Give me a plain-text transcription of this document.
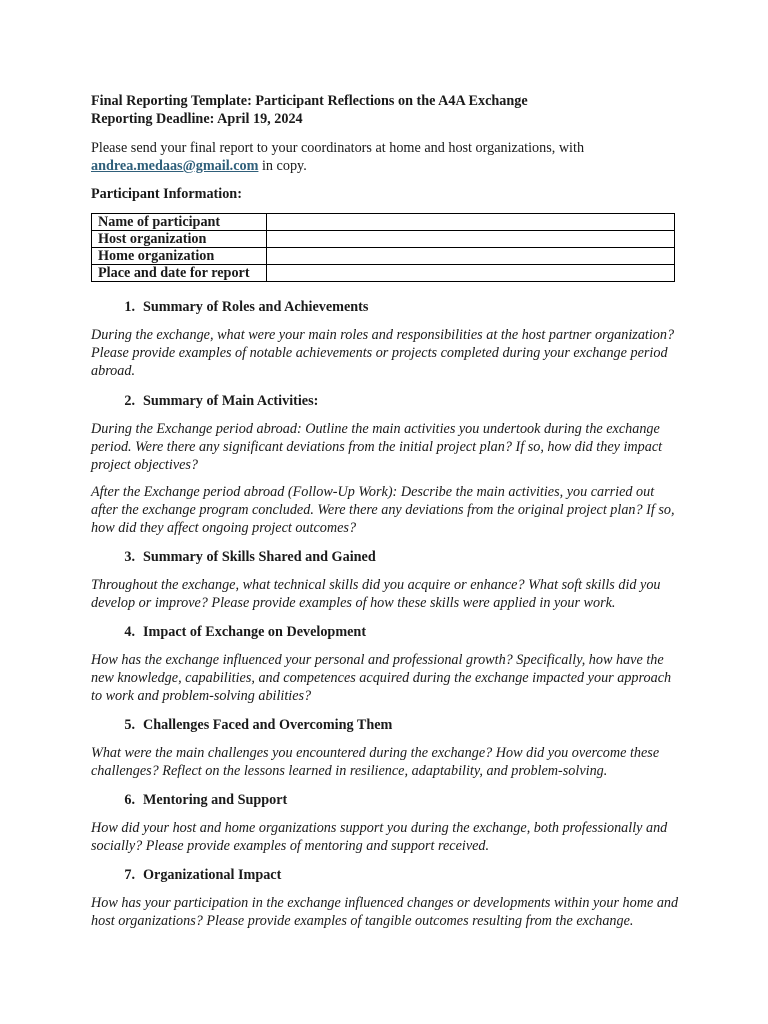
Final Reporting Template: Participant Reflections on the A4A Exchange

Reporting Deadline: April 19, 2024

Please send your final report to your coordinators at home and host organizations, with andrea.medaas@gmail.com in copy.

Participant Information:

Name of participant	
Host organization	
Home organization	
Place and date for report	
1. Summary of Roles and Achievements

During the exchange, what were your main roles and responsibilities at the host partner organization? Please provide examples of notable achievements or projects completed during your exchange period abroad.

2. Summary of Main Activities:

During the Exchange period abroad: Outline the main activities you undertook during the exchange period. Were there any significant deviations from the initial project plan? If so, how did they impact project objectives?

After the Exchange period abroad (Follow-Up Work): Describe the main activities, you carried out after the exchange program concluded. Were there any deviations from the original project plan? If so, how did they affect ongoing project outcomes?

3. Summary of Skills Shared and Gained

Throughout the exchange, what technical skills did you acquire or enhance? What soft skills did you develop or improve? Please provide examples of how these skills were applied in your work.

4. Impact of Exchange on Development

How has the exchange influenced your personal and professional growth? Specifically, how have the new knowledge, capabilities, and competences acquired during the exchange impacted your approach to work and problem-solving abilities?

5. Challenges Faced and Overcoming Them

What were the main challenges you encountered during the exchange? How did you overcome these challenges? Reflect on the lessons learned in resilience, adaptability, and problem-solving.

6. Mentoring and Support

How did your host and home organizations support you during the exchange, both professionally and socially? Please provide examples of mentoring and support received.

7. Organizational Impact

How has your participation in the exchange influenced changes or developments within your home and host organizations? Please provide examples of tangible outcomes resulting from the exchange.
